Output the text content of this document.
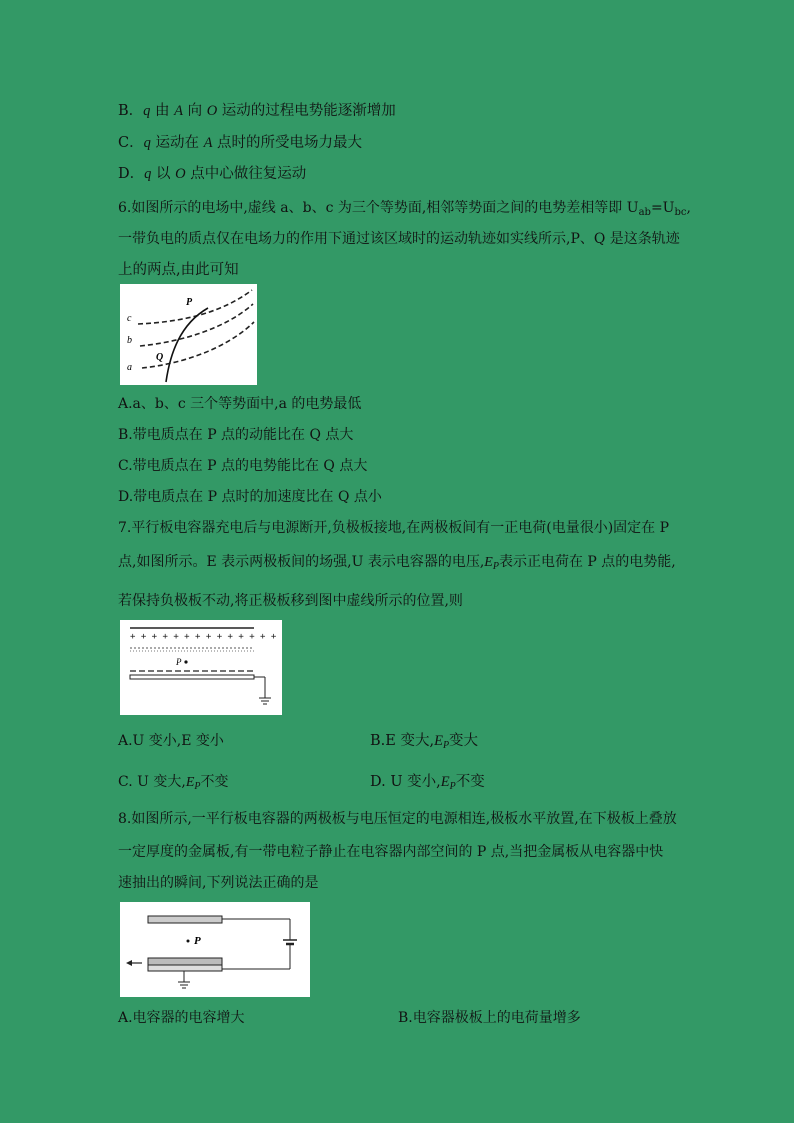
B．q 由 A 向 O 运动的过程电势能逐渐增加
C．q 运动在 A 点时的所受电场力最大
D．q 以 O 点中心做往复运动
6.如图所示的电场中,虚线 a、b、c 为三个等势面,相邻等势面之间的电势差相等即 $U_{ab}=U_{bc}$,
一带负电的质点仅在电场力的作用下通过该区域时的运动轨迹如实线所示,P、Q 是这条轨迹
上的两点,由此可知
c
b
a
P
Q
A.a、b、c 三个等势面中,a 的电势最低
B.带电质点在 P 点的动能比在 Q 点大
C.带电质点在 P 点的电势能比在 Q 点大
D.带电质点在 P 点时的加速度比在 Q 点小
7.平行板电容器充电后与电源断开,负极板接地,在两极板间有一正电荷(电量很小)固定在 P
点,如图所示。E 表示两极板间的场强,U 表示电容器的电压$,E_P$表示正电荷在 P 点的电势能,
若保持负极板不动,将正极板移到图中虚线所示的位置,则
+ + + + + + + + + + + + + +
P
A.U 变小,E 变小	B.E 变大$,E_P$变大
C. U 变大$,E_P$不变	D. U 变小$,E_P$不变
8.如图所示,一平行板电容器的两极板与电压恒定的电源相连,极板水平放置,在下极板上叠放
一定厚度的金属板,有一带电粒子静止在电容器内部空间的 P 点,当把金属板从电容器中快
速抽出的瞬间,下列说法正确的是
P
A.电容器的电容增大	B.电容器极板上的电荷量增多
